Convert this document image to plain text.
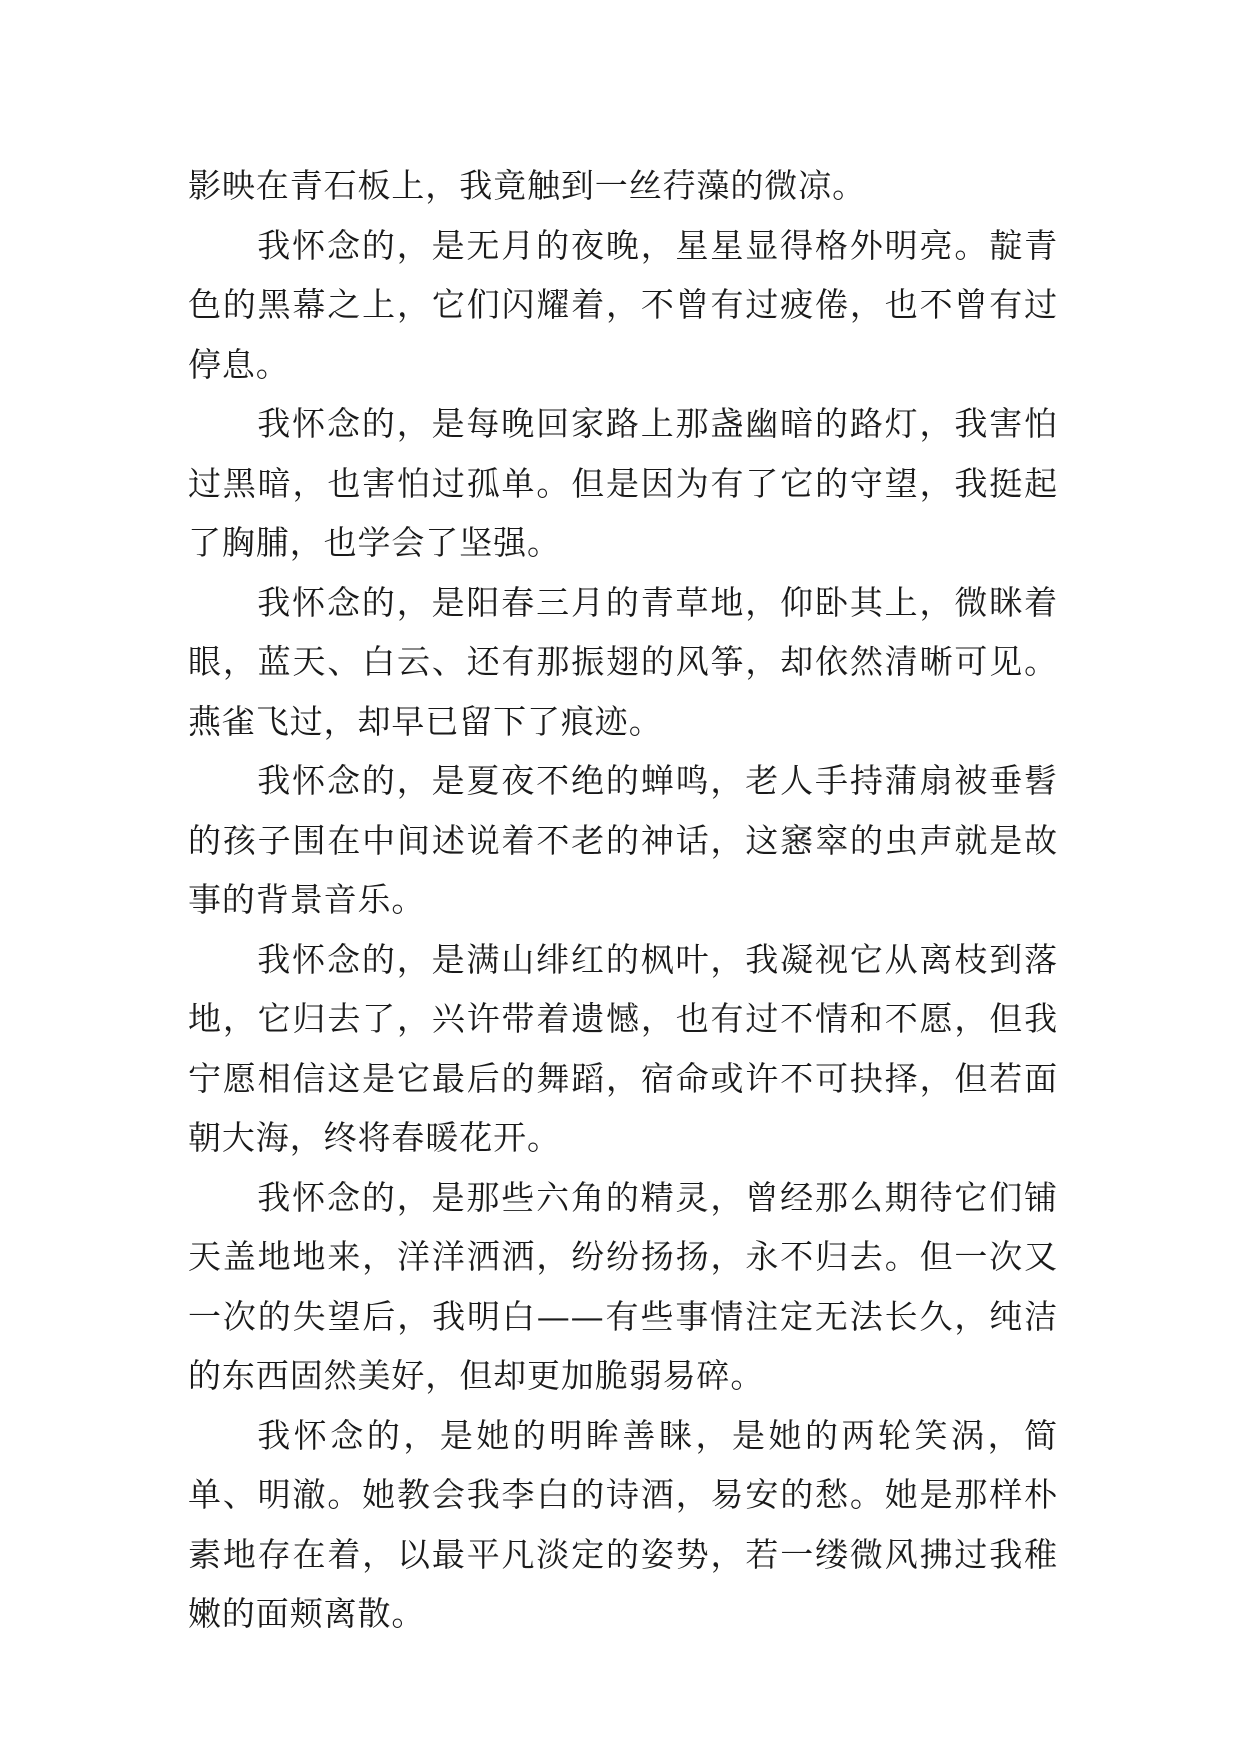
影映在青石板上，我竟触到一丝荇藻的微凉。

我怀念的，是无月的夜晚，星星显得格外明亮。靛青色的黑幕之上，它们闪耀着，不曾有过疲倦，也不曾有过停息。

我怀念的，是每晚回家路上那盏幽暗的路灯，我害怕过黑暗，也害怕过孤单。但是因为有了它的守望，我挺起了胸脯，也学会了坚强。

我怀念的，是阳春三月的青草地，仰卧其上，微眯着眼，蓝天、白云、还有那振翅的风筝，却依然清晰可见。燕雀飞过，却早已留下了痕迹。

我怀念的，是夏夜不绝的蝉鸣，老人手持蒲扇被垂髫的孩子围在中间述说着不老的神话，这窸窣的虫声就是故事的背景音乐。

我怀念的，是满山绯红的枫叶，我凝视它从离枝到落地，它归去了，兴许带着遗憾，也有过不情和不愿，但我宁愿相信这是它最后的舞蹈，宿命或许不可抉择，但若面朝大海，终将春暖花开。

我怀念的，是那些六角的精灵，曾经那么期待它们铺天盖地地来，洋洋洒洒，纷纷扬扬，永不归去。但一次又一次的失望后，我明白——有些事情注定无法长久，纯洁的东西固然美好，但却更加脆弱易碎。

我怀念的，是她的明眸善睐，是她的两轮笑涡，简单、明澈。她教会我李白的诗酒，易安的愁。她是那样朴素地存在着，以最平凡淡定的姿势，若一缕微风拂过我稚嫩的面颊离散。
